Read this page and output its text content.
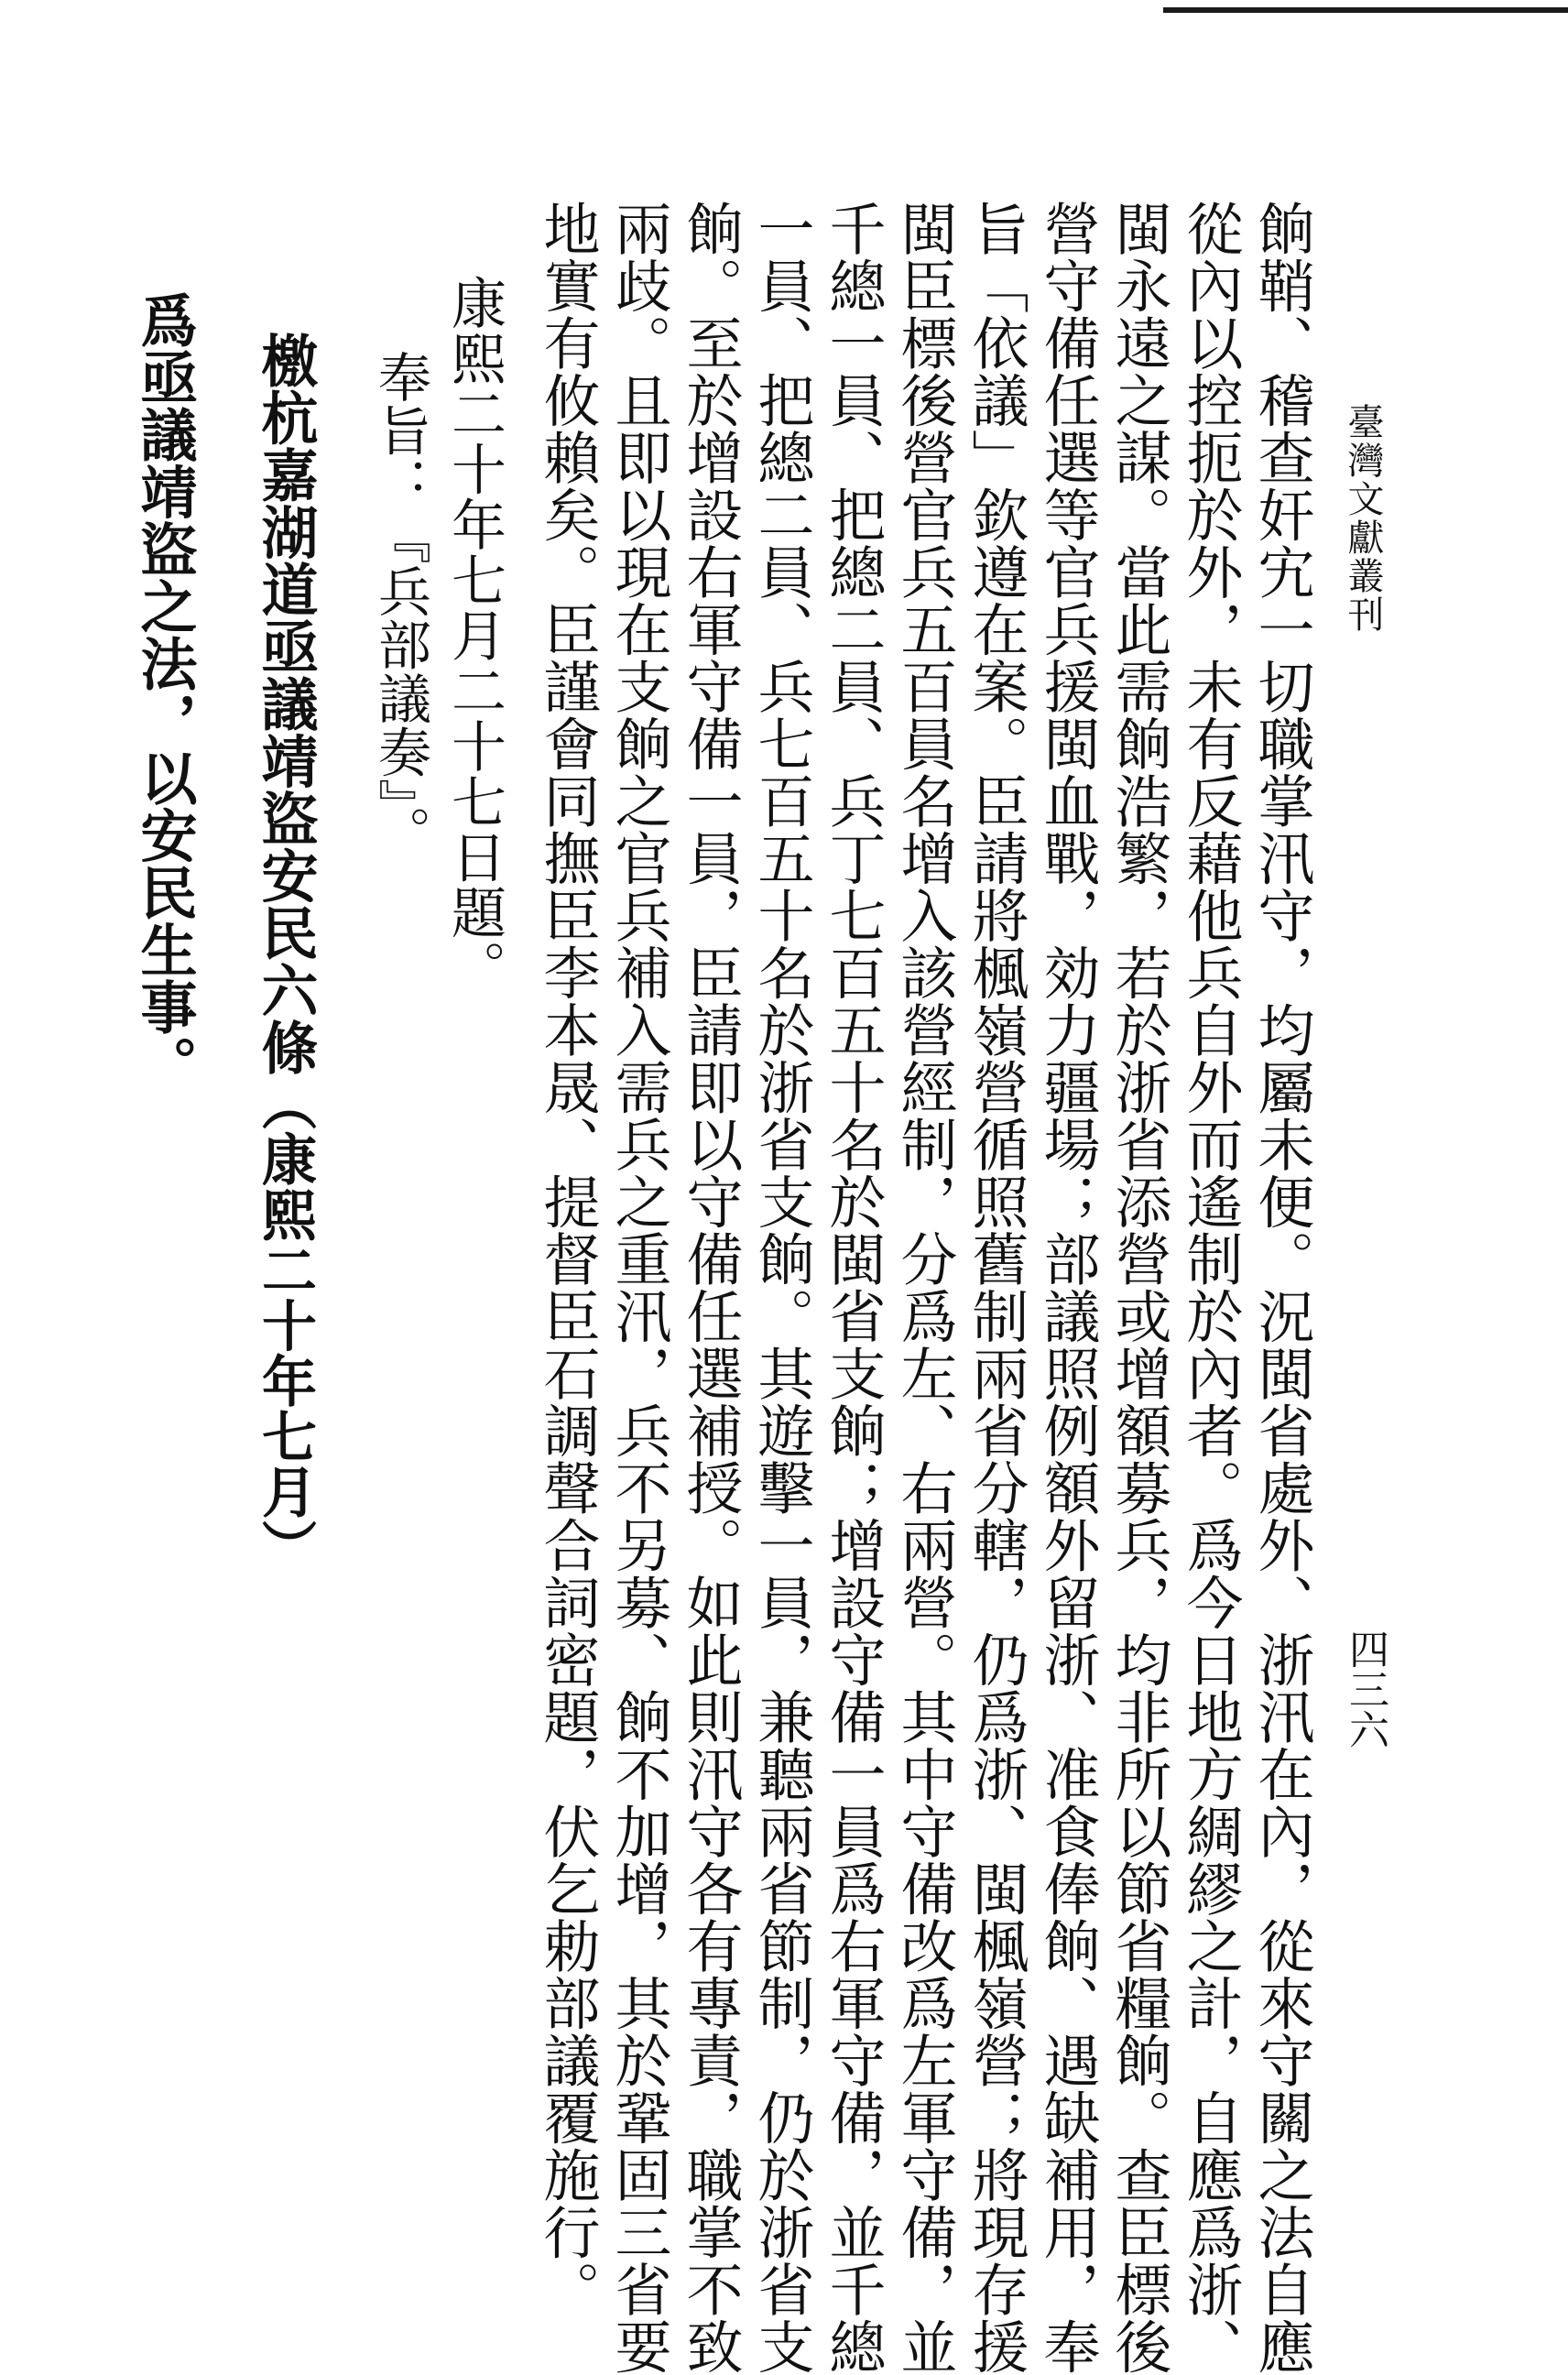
臺灣文獻叢刊
四三六
餉鞘、稽查奸宄一切職掌汛守，均屬未便。況閩省處外、浙汛在內，從來守關之法自應
從內以控扼於外，未有反藉他兵自外而遙制於內者。爲今日地方綢繆之計，自應爲浙、
閩永遠之謀。當此需餉浩繁，若於浙省添營或增額募兵，均非所以節省糧餉。查臣標後
營守備任選等官兵援閩血戰，効力疆場；部議照例額外留浙、准食俸餉、遇缺補用，奉
旨「依議」欽遵在案。臣請將楓嶺營循照舊制兩省分轄，仍爲浙、閩楓嶺營；將現存援
閩臣標後營官兵五百員名增入該營經制，分爲左、右兩營。其中守備改爲左軍守備，並
千總一員、把總二員、兵丁七百五十名於閩省支餉；增設守備一員爲右軍守備，並千總
一員、把總二員、兵七百五十名於浙省支餉。其遊擊一員，兼聽兩省節制，仍於浙省支
餉。至於增設右軍守備一員，臣請即以守備任選補授。如此則汛守各有專責，職掌不致
兩歧。且即以現在支餉之官兵補入需兵之重汛，兵不另募、餉不加增，其於鞏固三省要
地實有攸賴矣。臣謹會同撫臣李本晟、提督臣石調聲合詞密題，伏乞勅部議覆施行。
康熙二十年七月二十七日題。
奉旨：『兵部議奏』。
檄杭嘉湖道亟議靖盜安民六條（康熙二十年七月）
爲亟議靖盜之法，以安民生事。
